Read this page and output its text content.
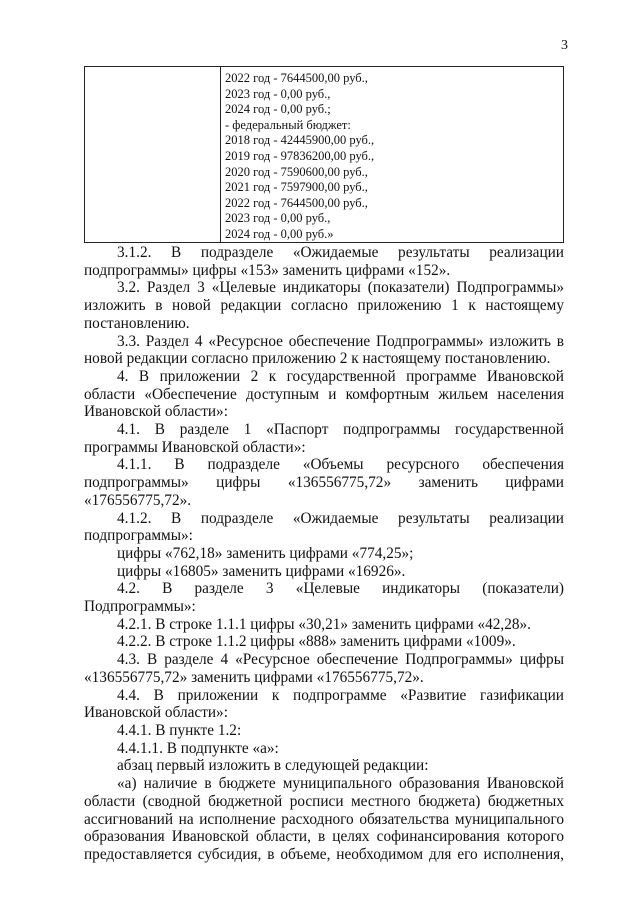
3
2022 год - 7644500,00 руб.,
2023 год - 0,00 руб.,
2024 год - 0,00 руб.;
- федеральный бюджет:
2018 год - 42445900,00 руб.,
2019 год - 97836200,00 руб.,
2020 год - 7590600,00 руб.,
2021 год - 7597900,00 руб.,
2022 год - 7644500,00 руб.,
2023 год - 0,00 руб.,
2024 год - 0,00 руб.»
3.1.2. В подразделе «Ожидаемые результаты реализации
подпрограммы» цифры «153» заменить цифрами «152».
3.2. Раздел 3 «Целевые индикаторы (показатели) Подпрограммы»
изложить в новой редакции согласно приложению 1 к настоящему
постановлению.
3.3. Раздел 4 «Ресурсное обеспечение Подпрограммы» изложить в
новой редакции согласно приложению 2 к настоящему постановлению.
4. В приложении 2 к государственной программе Ивановской
области «Обеспечение доступным и комфортным жильем населения
Ивановской области»:
4.1. В разделе 1 «Паспорт подпрограммы государственной
программы Ивановской области»:
4.1.1. В подразделе «Объемы ресурсного обеспечения
подпрограммы» цифры «136556775,72» заменить цифрами
«176556775,72».
4.1.2. В подразделе «Ожидаемые результаты реализации
подпрограммы»:
цифры «762,18» заменить цифрами «774,25»;
цифры «16805» заменить цифрами «16926».
4.2. В разделе 3 «Целевые индикаторы (показатели)
Подпрограммы»:
4.2.1. В строке 1.1.1 цифры «30,21» заменить цифрами «42,28».
4.2.2. В строке 1.1.2 цифры «888» заменить цифрами «1009».
4.3. В разделе 4 «Ресурсное обеспечение Подпрограммы» цифры
«136556775,72» заменить цифрами «176556775,72».
4.4. В приложении к подпрограмме «Развитие газификации
Ивановской области»:
4.4.1. В пункте 1.2:
4.4.1.1. В подпункте «а»:
абзац первый изложить в следующей редакции:
«а) наличие в бюджете муниципального образования Ивановской
области (сводной бюджетной росписи местного бюджета) бюджетных
ассигнований на исполнение расходного обязательства муниципального
образования Ивановской области, в целях софинансирования которого
предоставляется субсидия, в объеме, необходимом для его исполнения,
